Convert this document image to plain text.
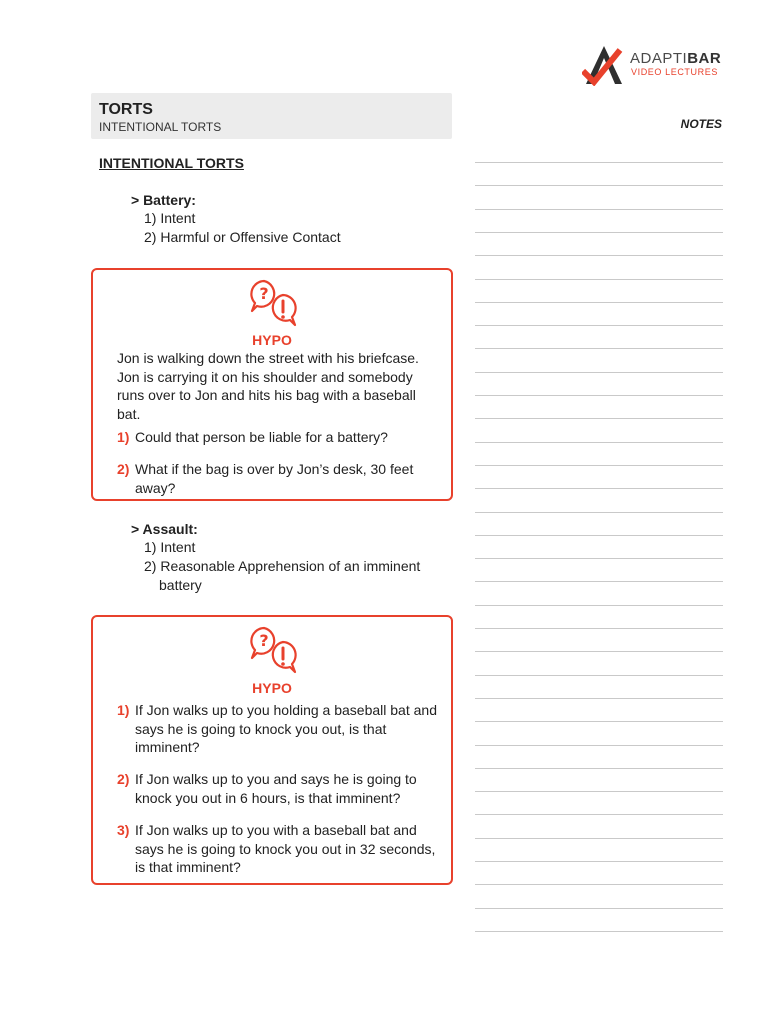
ADAPTIBAR
VIDEO LECTURES
TORTS
INTENTIONAL TORTS	NOTES
INTENTIONAL TORTS
> Battery:
1) Intent
2) Harmful or Offensive Contact
?
HYPO
Jon is walking down the street with his briefcase. Jon is carrying it on his shoulder and somebody runs over to Jon and hits his bag with a baseball bat.
1) Could that person be liable for a battery?
2) What if the bag is over by Jon’s desk, 30 feet away?
> Assault:
1) Intent
2) Reasonable Apprehension of an imminent
battery
?
HYPO
1) If Jon walks up to you holding a baseball bat and says he is going to knock you out, is that imminent?
2) If Jon walks up to you and says he is going to knock you out in 6 hours, is that imminent?
3) If Jon walks up to you with a baseball bat and says he is going to knock you out in 32 seconds, is that imminent?
